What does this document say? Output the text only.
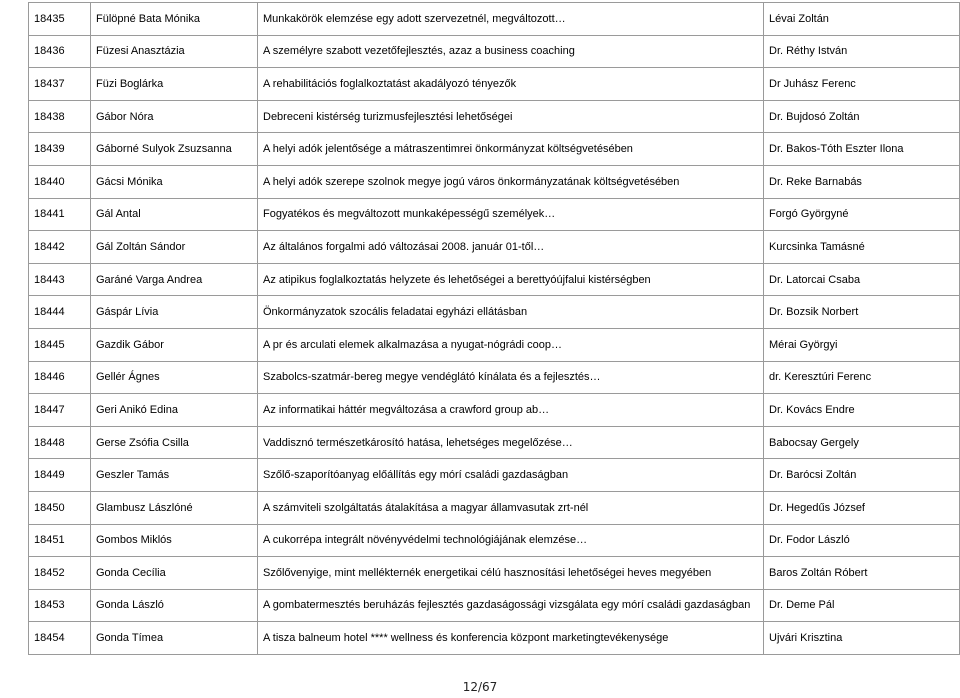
18435	Fülöpné Bata Mónika	Munkakörök elemzése egy adott szervezetnél, megváltozott…	Lévai Zoltán
18436	Füzesi Anasztázia	A személyre szabott vezetőfejlesztés, azaz a business coaching	Dr. Réthy István
18437	Füzi Boglárka	A rehabilitációs foglalkoztatást akadályozó tényezők	Dr Juhász Ferenc
18438	Gábor Nóra	Debreceni kistérség turizmusfejlesztési lehetőségei	Dr. Bujdosó Zoltán
18439	Gáborné Sulyok Zsuzsanna	A helyi adók jelentősége a mátraszentimrei önkormányzat költségvetésében	Dr. Bakos-Tóth Eszter Ilona
18440	Gácsi Mónika	A helyi adók szerepe szolnok megye jogú város önkormányzatának költségvetésében	Dr. Reke Barnabás
18441	Gál Antal	Fogyatékos és megváltozott munkaképességű személyek…	Forgó Györgyné
18442	Gál Zoltán Sándor	Az általános forgalmi adó változásai 2008. január 01-től…	Kurcsinka Tamásné
18443	Garáné Varga Andrea	Az atipikus foglalkoztatás helyzete és lehetőségei a berettyóújfalui kistérségben	Dr. Latorcai Csaba
18444	Gáspár Lívia	Önkormányzatok szocális feladatai egyházi ellátásban	Dr. Bozsik Norbert
18445	Gazdik Gábor	A pr és arculati elemek alkalmazása a nyugat-nógrádi coop…	Mérai Györgyi
18446	Gellér Ágnes	Szabolcs-szatmár-bereg megye vendéglátó kínálata és a fejlesztés…	dr. Keresztúri Ferenc
18447	Geri Anikó Edina	Az informatikai háttér megváltozása a crawford group ab…	Dr. Kovács Endre
18448	Gerse Zsófia Csilla	Vaddisznó természetkárosító hatása, lehetséges megelőzése…	Babocsay Gergely
18449	Geszler Tamás	Szőlő-szaporítóanyag előállítás egy mórí családi gazdaságban	Dr. Barócsi Zoltán
18450	Glambusz Lászlóné	A számviteli szolgáltatás átalakítása a magyar államvasutak zrt-nél	Dr. Hegedűs József
18451	Gombos Miklós	A cukorrépa integrált növényvédelmi technológiájának elemzése…	Dr. Fodor László
18452	Gonda Cecília	Szőlővenyige, mint mellékternék energetikai célú hasznosítási lehetőségei heves megyében	Baros Zoltán Róbert
18453	Gonda László	A gombatermesztés beruházás fejlesztés gazdaságossági vizsgálata egy mórí családi gazdaságban	Dr. Deme Pál
18454	Gonda Tímea	A tisza balneum hotel **** wellness és konferencia központ marketingtevékenysége	Ujvári Krisztina
12/67
